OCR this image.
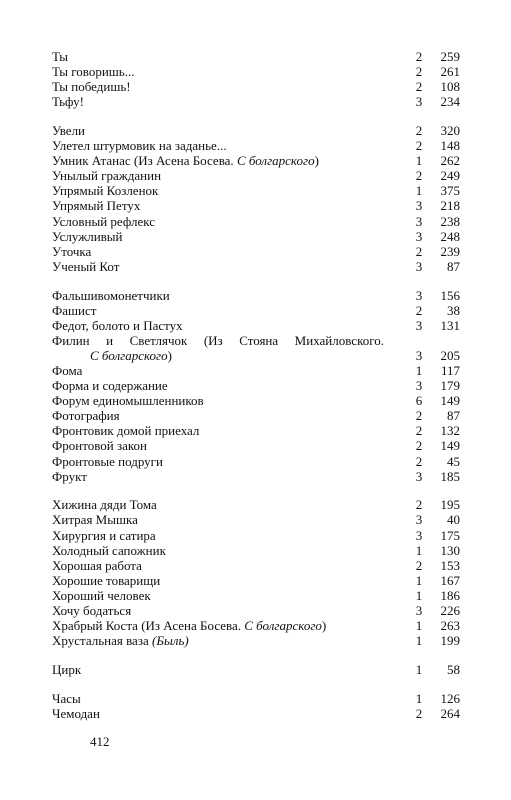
Ты	2	259
Ты говоришь...	2	261
Ты победишь!	2	108
Тьфу!	3	234
Увели	2	320
Улетел штурмовик на заданье...	2	148
Умник Атанас (Из Асена Босева. С болгарского)	1	262
Унылый гражданин	2	249
Упрямый Козленок	1	375
Упрямый Петух	3	218
Условный рефлекс	3	238
Услужливый	3	248
Уточка	2	239
Ученый Кот	3	87
Фальшивомонетчики	3	156
Фашист	2	38
Федот, болото и Пастух	3	131
Филин и Светлячок (Из Стояна Михайловского.
С болгарского)	3	205
Фома	1	117
Форма и содержание	3	179
Форум единомышленников	6	149
Фотография	2	87
Фронтовик домой приехал	2	132
Фронтовой закон	2	149
Фронтовые подруги	2	45
Фрукт	3	185
Хижина дяди Тома	2	195
Хитрая Мышка	3	40
Хирургия и сатира	3	175
Холодный сапожник	1	130
Хорошая работа	2	153
Хорошие товарищи	1	167
Хороший человек	1	186
Хочу бодаться	3	226
Храбрый Коста (Из Асена Босева. С болгарского)	1	263
Хрустальная ваза (Быль)	1	199
Цирк	1	58
Часы	1	126
Чемодан	2	264
412
